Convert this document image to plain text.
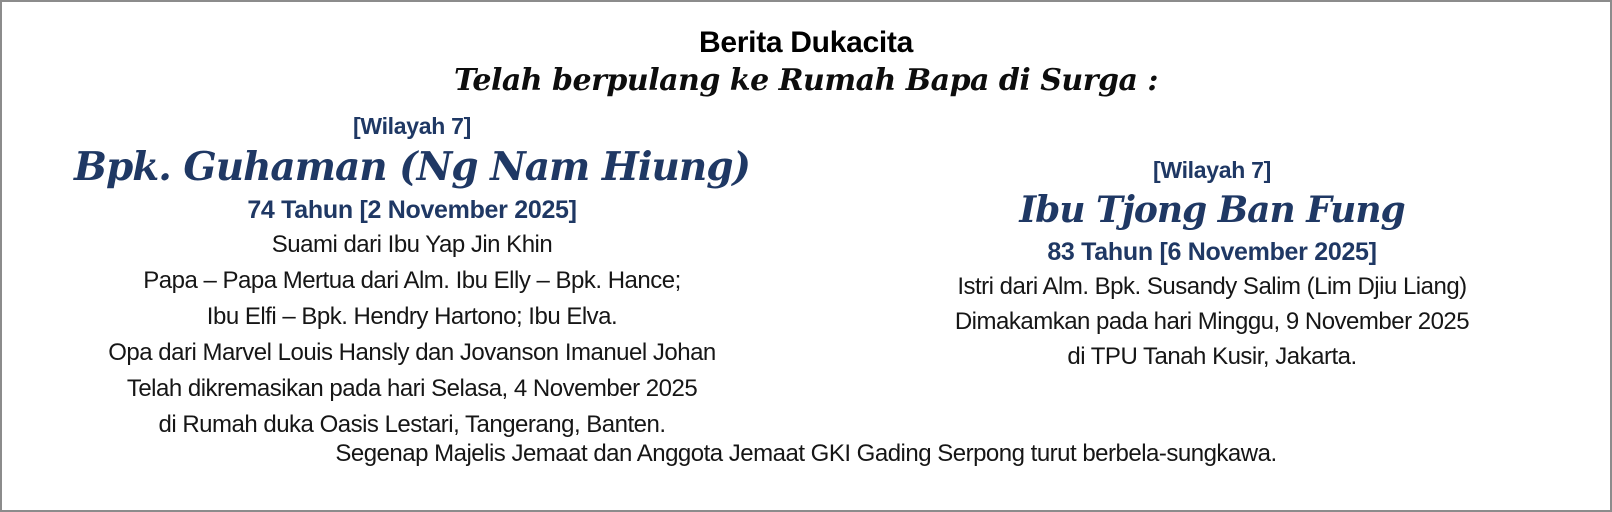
Berita Dukacita
Telah berpulang ke Rumah Bapa di Surga :
[Wilayah 7]
Bpk. Guhaman (Ng Nam Hiung)
74 Tahun [2 November 2025]
Suami dari Ibu Yap Jin Khin
Papa – Papa Mertua dari Alm. Ibu Elly – Bpk. Hance;
Ibu Elfi – Bpk. Hendry Hartono; Ibu Elva.
Opa dari Marvel Louis Hansly dan Jovanson Imanuel Johan
Telah dikremasikan pada hari Selasa, 4 November 2025
di Rumah duka Oasis Lestari, Tangerang, Banten.
[Wilayah 7]
Ibu Tjong Ban Fung
83 Tahun [6 November 2025]
Istri dari Alm. Bpk. Susandy Salim (Lim Djiu Liang)
Dimakamkan pada hari Minggu, 9 November 2025
di TPU Tanah Kusir, Jakarta.
Segenap Majelis Jemaat dan Anggota Jemaat GKI Gading Serpong turut berbela-sungkawa.
